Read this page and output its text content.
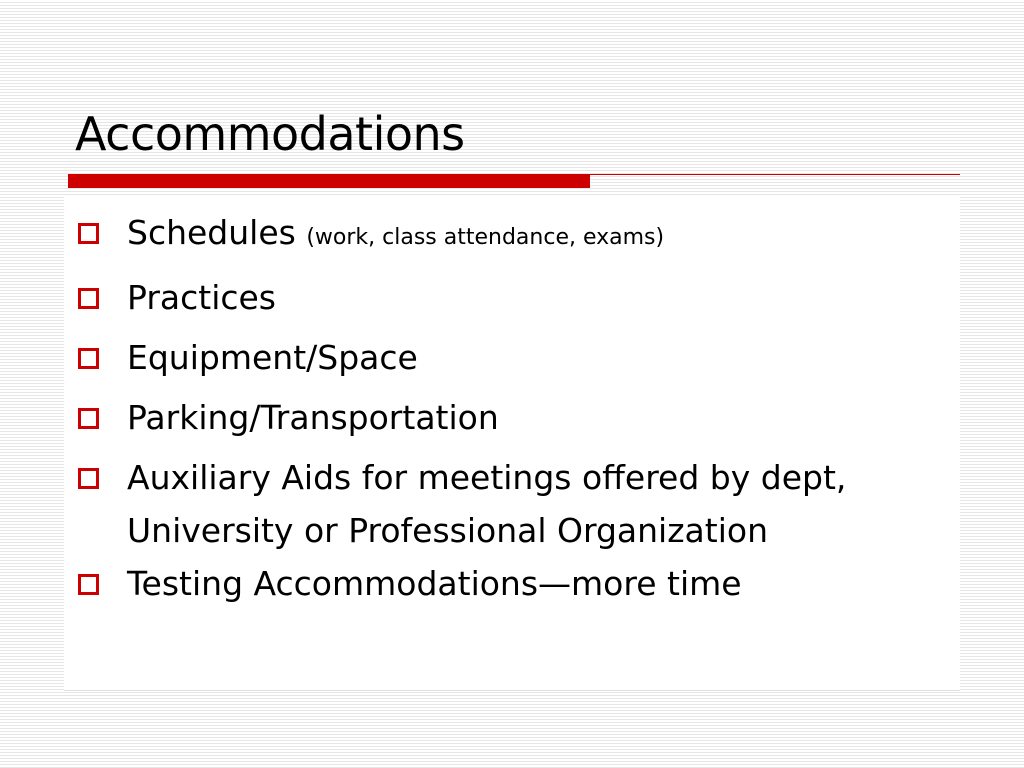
Accommodations
Schedules (work, class attendance, exams)
Practices
Equipment/Space
Parking/Transportation
Auxiliary Aids for meetings offered by dept, University or Professional Organization
Testing Accommodations—more time
